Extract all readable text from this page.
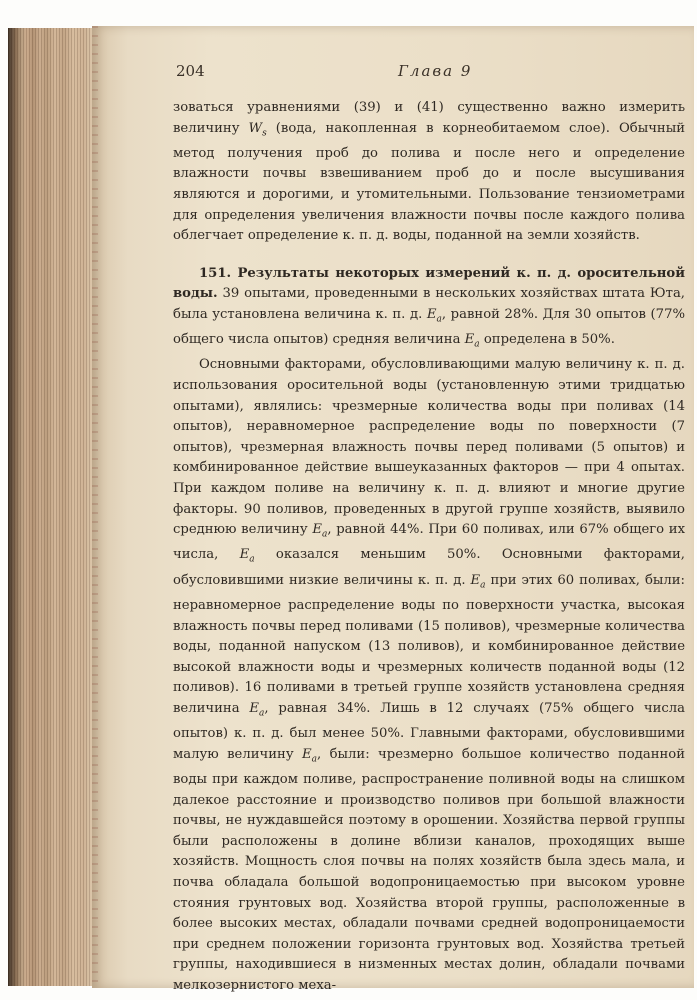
204	Глава 9

зоваться уравнениями (39) и (41) существенно важно измерить величину $W_s$ (вода, накопленная в корнеобитаемом слое). Обычный метод получения проб до полива и после него и определение влажности почвы взвешиванием проб до и после высушивания являются и дорогими, и утомительными. Пользование тензиометрами для определения увеличения влажности почвы после каждого полива облегчает определение к. п. д. воды, поданной на земли хозяйств.

151. Результаты некоторых измерений к. п. д. оросительной воды. 39 опытами, проведенными в нескольких хозяйствах штата Юта, была установлена величина к. п. д. $E_a$, равной 28%. Для 30 опытов (77% общего числа опытов) средняя величина $E_a$ определена в 50%.

Основными факторами, обусловливающими малую величину к. п. д. использования оросительной воды (установленную этими тридцатью опытами), являлись: чрезмерные количества воды при поливах (14 опытов), неравномерное распределение воды по поверхности (7 опытов), чрезмерная влажность почвы перед поливами (5 опытов) и комбинированное действие вышеуказанных факторов — при 4 опытах. При каждом поливе на величину к. п. д. влияют и многие другие факторы. 90 поливов, проведенных в другой группе хозяйств, выявило среднюю величину $E_a$, равной 44%. При 60 поливах, или 67% общего их числа, $E_a$ оказался меньшим 50%. Основными факторами, обусловившими низкие величины к. п. д. $E_a$ при этих 60 поливах, были: неравномерное распределение воды по поверхности участка, высокая влажность почвы перед поливами (15 поливов), чрезмерные количества воды, поданной напуском (13 поливов), и комбинированное действие высокой влажности воды и чрезмерных количеств поданной воды (12 поливов). 16 поливами в третьей группе хозяйств установлена средняя величина $E_a$, равная 34%. Лишь в 12 случаях (75% общего числа опытов) к. п. д. был менее 50%. Главными факторами, обусловившими малую величину $E_a$, были: чрезмерно большое количество поданной воды при каждом поливе, распространение поливной воды на слишком далекое расстояние и производство поливов при большой влажности почвы, не нуждавшейся поэтому в орошении. Хозяйства первой группы были расположены в долине вблизи каналов, проходящих выше хозяйств. Мощность слоя почвы на полях хозяйств была здесь мала, и почва обладала большой водопроницаемостью при высоком уровне стояния грунтовых вод. Хозяйства второй группы, расположенные в более высоких местах, обладали почвами средней водопроницаемости при среднем положении горизонта грунтовых вод. Хозяйства третьей группы, находившиеся в низменных местах долин, обладали почвами мелкозернистого меха-
